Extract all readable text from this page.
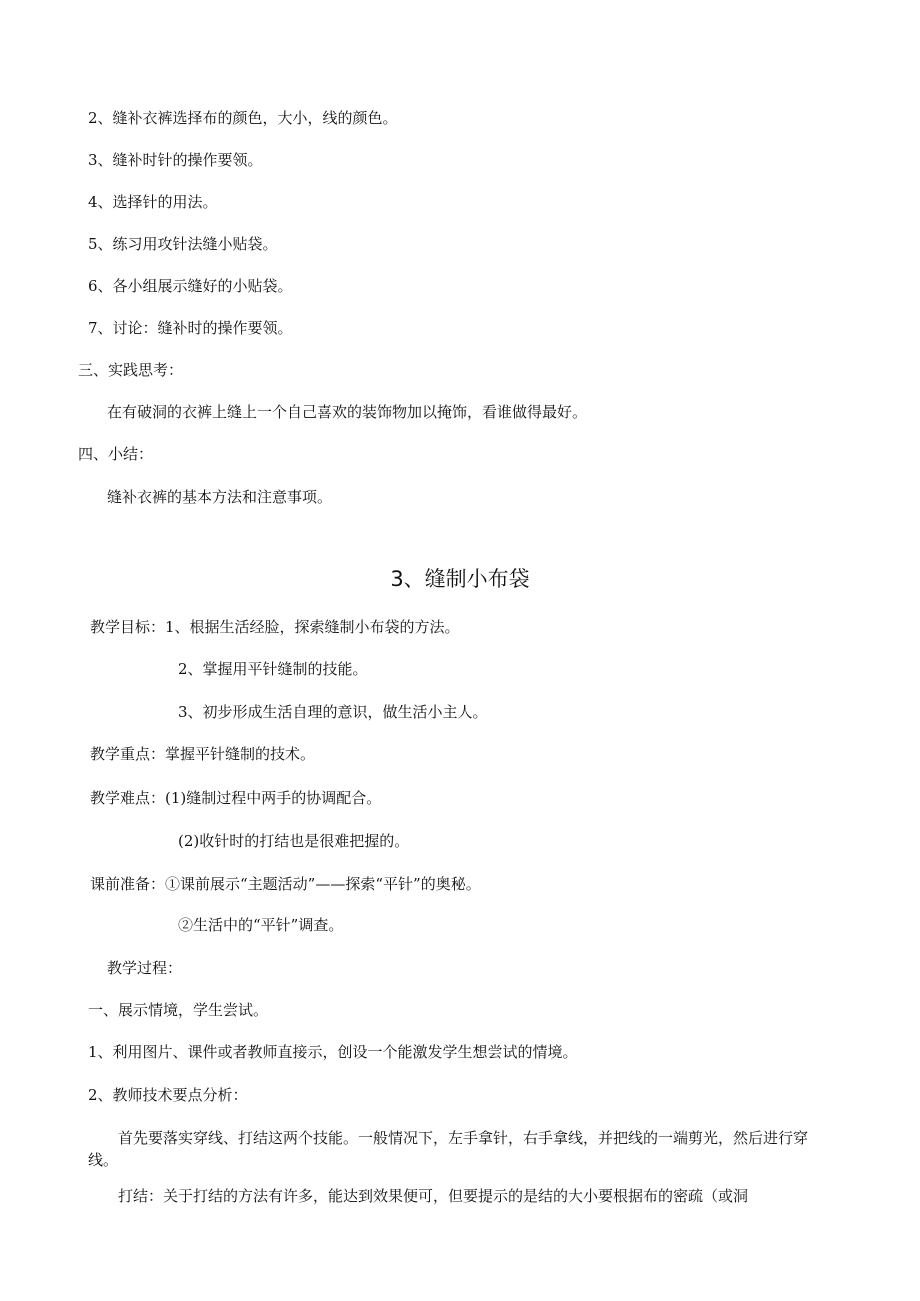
2、缝补衣裤选择布的颜色，大小，线的颜色。
3、缝补时针的操作要领。
4、选择针的用法。
5、练习用攻针法缝小贴袋。
6、各小组展示缝好的小贴袋。
7、讨论：缝补时的操作要领。
三、实践思考：
在有破洞的衣裤上缝上一个自己喜欢的装饰物加以掩饰，看谁做得最好。
四、小结：
缝补衣裤的基本方法和注意事项。
3、缝制小布袋
教学目标：1、根据生活经脸，探索缝制小布袋的方法。
2、掌握用平针缝制的技能。
3、初步形成生活自理的意识，做生活小主人。
教学重点：掌握平针缝制的技术。
教学难点：(1)缝制过程中两手的协调配合。
(2)收针时的打结也是很难把握的。
课前准备：①课前展示“主题活动”——探索“平针”的奥秘。
②生活中的“平针”调查。
教学过程：
一、展示情境，学生尝试。
1、利用图片、课件或者教师直接示，创设一个能激发学生想尝试的情境。
2、教师技术要点分析：
首先要落实穿线、打结这两个技能。一般情况下，左手拿针，右手拿线，并把线的一端剪光，然后进行穿线。
打结：关于打结的方法有许多，能达到效果便可，但要提示的是结的大小要根据布的密疏（或洞
